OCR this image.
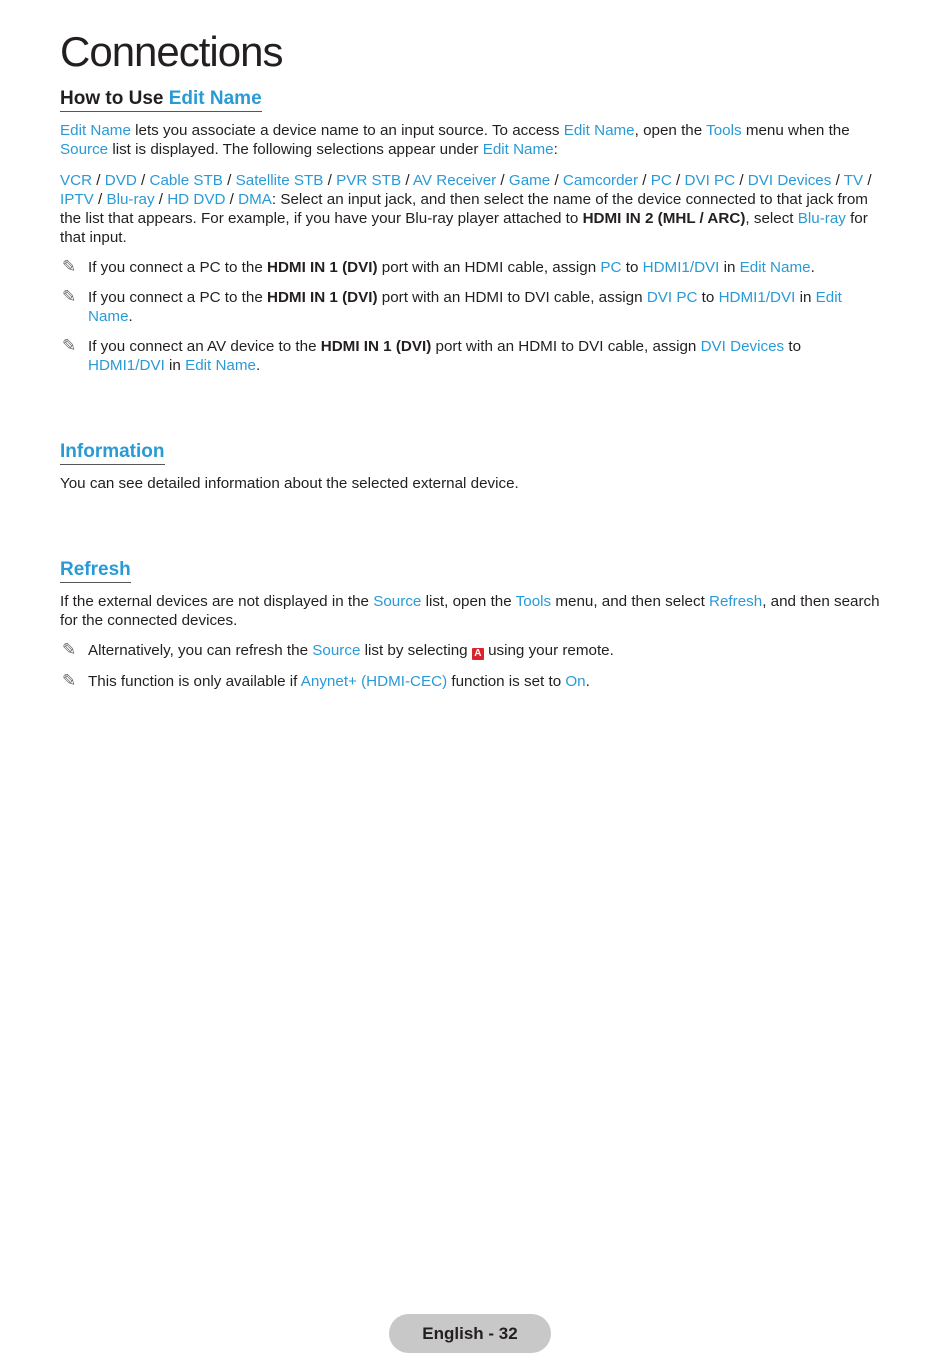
Connections
How to Use Edit Name

Edit Name lets you associate a device name to an input source. To access Edit Name, open the Tools menu when the
Source list is displayed. The following selections appear under Edit Name:

VCR / DVD / Cable STB / Satellite STB / PVR STB / AV Receiver / Game / Camcorder / PC / DVI PC / DVI Devices / TV / IPTV / Blu-ray / HD DVD / DMA: Select an input jack, and then select the name of the device connected to that jack from the list that appears. For example, if you have your Blu-ray player attached to HDMI IN 2 (MHL / ARC), select Blu-ray for that input.

✎ If you connect a PC to the HDMI IN 1 (DVI) port with an HDMI cable, assign PC to HDMI1/DVI in Edit Name.

✎ If you connect a PC to the HDMI IN 1 (DVI) port with an HDMI to DVI cable, assign DVI PC to HDMI1/DVI in Edit Name.

✎ If you connect an AV device to the HDMI IN 1 (DVI) port with an HDMI to DVI cable, assign DVI Devices to HDMI1/DVI in Edit Name.

Information

You can see detailed information about the selected external device.

Refresh

If the external devices are not displayed in the Source list, open the Tools menu, and then select Refresh, and then search for the connected devices.

✎ Alternatively, you can refresh the Source list by selecting A using your remote.

✎ This function is only available if Anynet+ (HDMI-CEC) function is set to On.

English - 32
